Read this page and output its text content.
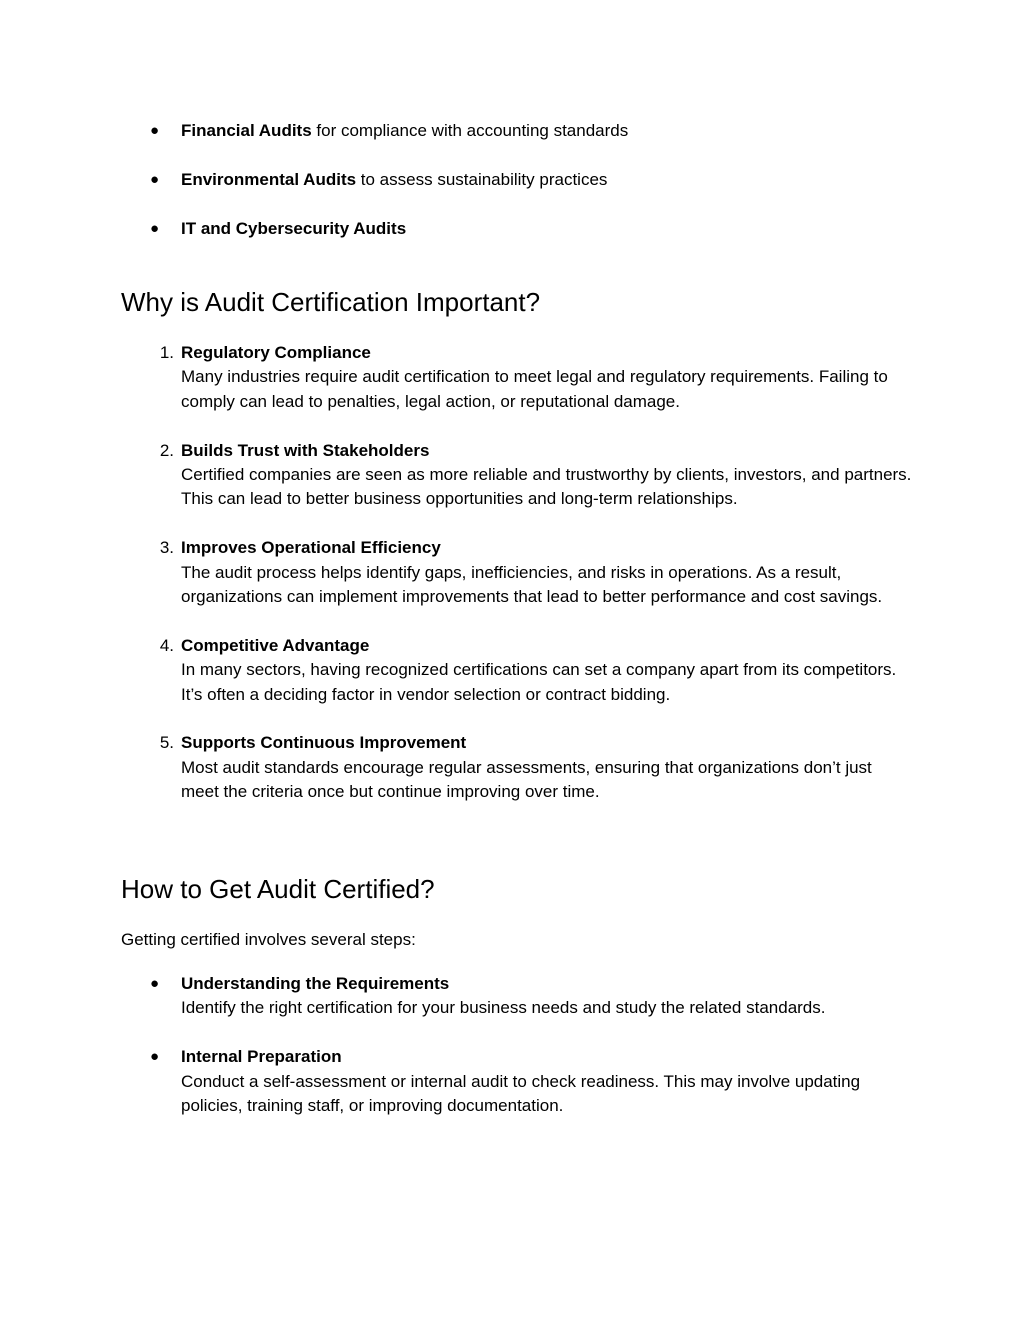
● Financial Audits for compliance with accounting standards
● Environmental Audits to assess sustainability practices
● IT and Cybersecurity Audits
Why is Audit Certification Important?
1. Regulatory Compliance
Many industries require audit certification to meet legal and regulatory requirements. Failing to comply can lead to penalties, legal action, or reputational damage.
2. Builds Trust with Stakeholders
Certified companies are seen as more reliable and trustworthy by clients, investors, and partners. This can lead to better business opportunities and long-term relationships.
3. Improves Operational Efficiency
The audit process helps identify gaps, inefficiencies, and risks in operations. As a result, organizations can implement improvements that lead to better performance and cost savings.
4. Competitive Advantage
In many sectors, having recognized certifications can set a company apart from its competitors. It’s often a deciding factor in vendor selection or contract bidding.
5. Supports Continuous Improvement
Most audit standards encourage regular assessments, ensuring that organizations don’t just meet the criteria once but continue improving over time.
How to Get Audit Certified?

Getting certified involves several steps:

● Understanding the Requirements
Identify the right certification for your business needs and study the related standards.
● Internal Preparation
Conduct a self-assessment or internal audit to check readiness. This may involve updating policies, training staff, or improving documentation.
